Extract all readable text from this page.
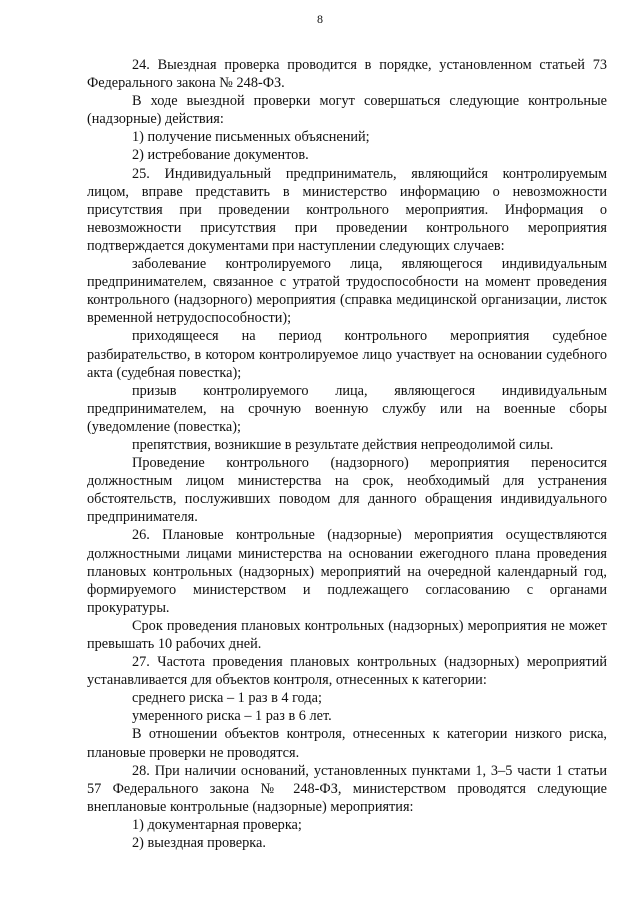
8

24. Выездная проверка проводится в порядке, установленном статьей 73 Федерального закона № 248-ФЗ.

В ходе выездной проверки могут совершаться следующие контрольные (надзорные) действия:

1) получение письменных объяснений;

2) истребование документов.

25. Индивидуальный предприниматель, являющийся контролируемым лицом, вправе представить в министерство информацию о невозможности присутствия при проведении контрольного мероприятия. Информация о невозможности присутствия при проведении контрольного мероприятия подтверждается документами при наступлении следующих случаев:

заболевание контролируемого лица, являющегося индивидуальным предпринимателем, связанное с утратой трудоспособности на момент проведения контрольного (надзорного) мероприятия (справка медицинской организации, листок временной нетрудоспособности);

приходящееся на период контрольного мероприятия судебное разбирательство, в котором контролируемое лицо участвует на основании судебного акта (судебная повестка);

призыв контролируемого лица, являющегося индивидуальным предпринимателем, на срочную военную службу или на военные сборы (уведомление (повестка);

препятствия, возникшие в результате действия непреодолимой силы.

Проведение контрольного (надзорного) мероприятия переносится должностным лицом министерства на срок, необходимый для устранения обстоятельств, послуживших поводом для данного обращения индивидуального предпринимателя.

26. Плановые контрольные (надзорные) мероприятия осуществляются должностными лицами министерства на основании ежегодного плана проведения плановых контрольных (надзорных) мероприятий на очередной календарный год, формируемого министерством и подлежащего согласованию с органами прокуратуры.

Срок проведения плановых контрольных (надзорных) мероприятия не может превышать 10 рабочих дней.

27. Частота проведения плановых контрольных (надзорных) мероприятий устанавливается для объектов контроля, отнесенных к категории:

среднего риска – 1 раз в 4 года;

умеренного риска – 1 раз в 6 лет.

В отношении объектов контроля, отнесенных к категории низкого риска, плановые проверки не проводятся.

28. При наличии оснований, установленных пунктами 1, 3–5 части 1 статьи 57 Федерального закона № 248-ФЗ, министерством проводятся следующие внеплановые контрольные (надзорные) мероприятия:

1) документарная проверка;

2) выездная проверка.
